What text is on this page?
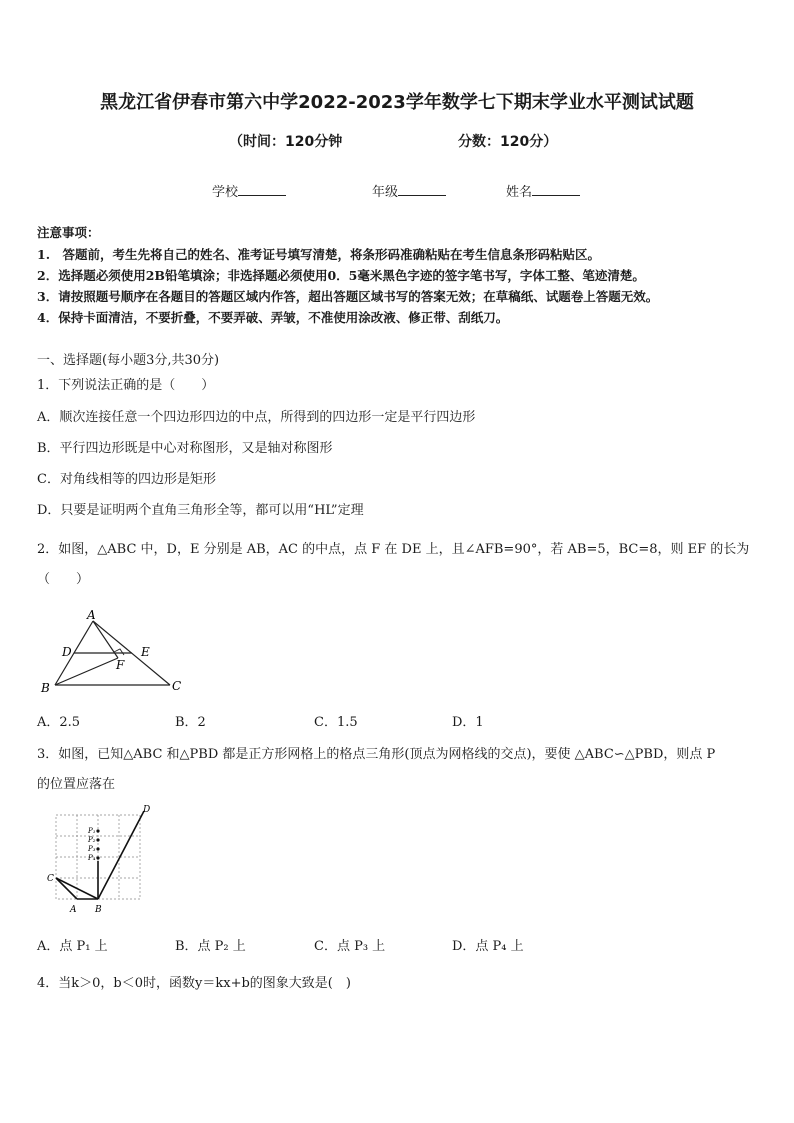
黑龙江省伊春市第六中学2022-2023学年数学七下期末学业水平测试试题
（时间：120分钟	分数：120分）
学校	年级	姓名
注意事项：
1.　答题前，考生先将自己的姓名、准考证号填写清楚，将条形码准确粘贴在考生信息条形码粘贴区。
2．选择题必须使用2B铅笔填涂；非选择题必须使用0．5毫米黑色字迹的签字笔书写，字体工整、笔迹清楚。
3．请按照题号顺序在各题目的答题区域内作答，超出答题区域书写的答案无效；在草稿纸、试题卷上答题无效。
4．保持卡面清洁，不要折叠，不要弄破、弄皱，不准使用涂改液、修正带、刮纸刀。
一、选择题(每小题3分,共30分)
1．下列说法正确的是（　　）
A．顺次连接任意一个四边形四边的中点，所得到的四边形一定是平行四边形
B．平行四边形既是中心对称图形，又是轴对称图形
C．对角线相等的四边形是矩形
D．只要是证明两个直角三角形全等，都可以用“HL”定理
2．如图，△ABC 中，D，E 分别是 AB，AC 的中点，点 F 在 DE 上，且∠AFB=90°，若 AB=5，BC=8，则 EF 的长为
（　　）
A
B	C
D	E
F
A．2.5	B．2	C．1.5	D．1
3．如图，已知△ABC 和△PBD 都是正方形网格上的格点三角形(顶点为网格线的交点)，要使 △ABC∽△PBD，则点 P
的位置应落在
P₁
P₂
P₃
P₄
C
A B
D
A．点 P₁ 上	B．点 P₂ 上	C．点 P₃ 上	D．点 P₄ 上
4．当k＞0，b＜0时，函数y＝kx+b的图象大致是(　)
